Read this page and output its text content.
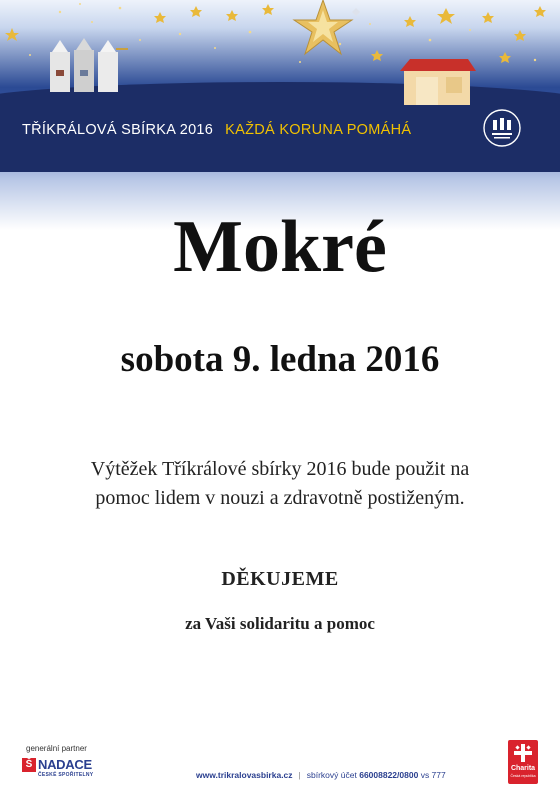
TŘÍKRÁLOVÁ SBÍRKA 2016 KAŽDÁ KORUNA POMÁHÁ
Mokré
sobota 9. ledna 2016
Výtěžek Tříkrálové sbírky 2016 bude použit na
pomoc lidem v nouzi a zdravotně postiženým.
DĚKUJEME
za Vaši solidaritu a pomoc
generální partner
Š NADACE
ČESKÉ SPOŘITELNY	www.trikralovasbirka.cz | sbírkový účet 66008822/0800 vs 777
Charita
Česká republika
